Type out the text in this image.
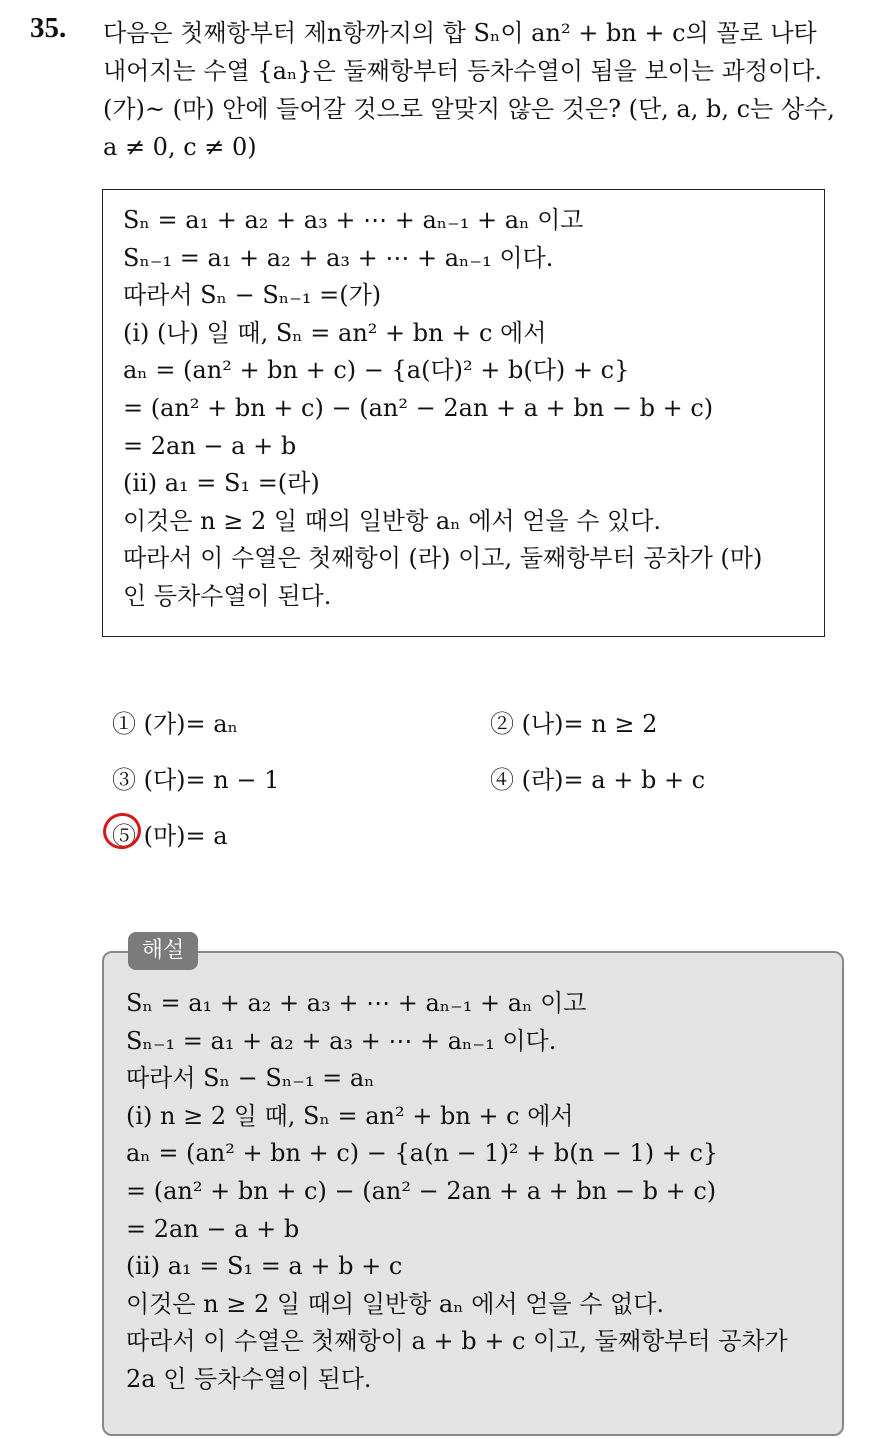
35. 다음은 첫째항부터 제n항까지의 합 Sₙ이 an² + bn + c의 꼴로 나타

내어지는 수열 {aₙ}은 둘째항부터 등차수열이 됨을 보이는 과정이다.

(가)~ (마) 안에 들어갈 것으로 알맞지 않은 것은? (단, a, b, c는 상수,

a ≠ 0, c ≠ 0)

Sₙ = a₁ + a₂ + a₃ + ⋯ + aₙ₋₁ + aₙ 이고

Sₙ₋₁ = a₁ + a₂ + a₃ + ⋯ + aₙ₋₁ 이다.

따라서 Sₙ − Sₙ₋₁ =(가)

(i) (나) 일 때, Sₙ = an² + bn + c 에서

aₙ = (an² + bn + c) − {a(다)² + b(다) + c}

= (an² + bn + c) − (an² − 2an + a + bn − b + c)

= 2an − a + b

(ii) a₁ = S₁ =(라)

이것은 n ≥ 2 일 때의 일반항 aₙ 에서 얻을 수 있다.

따라서 이 수열은 첫째항이 (라) 이고, 둘째항부터 공차가 (마)

인 등차수열이 된다.

① (가)= aₙ	② (나)= n ≥ 2
③ (다)= n − 1	④ (라)= a + b + c
⑤ (마)= a

Sₙ = a₁ + a₂ + a₃ + ⋯ + aₙ₋₁ + aₙ 이고

Sₙ₋₁ = a₁ + a₂ + a₃ + ⋯ + aₙ₋₁ 이다.

따라서 Sₙ − Sₙ₋₁ = aₙ

(i) n ≥ 2 일 때, Sₙ = an² + bn + c 에서

aₙ = (an² + bn + c) − {a(n − 1)² + b(n − 1) + c}

= (an² + bn + c) − (an² − 2an + a + bn − b + c)

= 2an − a + b

(ii) a₁ = S₁ = a + b + c

이것은 n ≥ 2 일 때의 일반항 aₙ 에서 얻을 수 없다.

따라서 이 수열은 첫째항이 a + b + c 이고, 둘째항부터 공차가

2a 인 등차수열이 된다.

해설
